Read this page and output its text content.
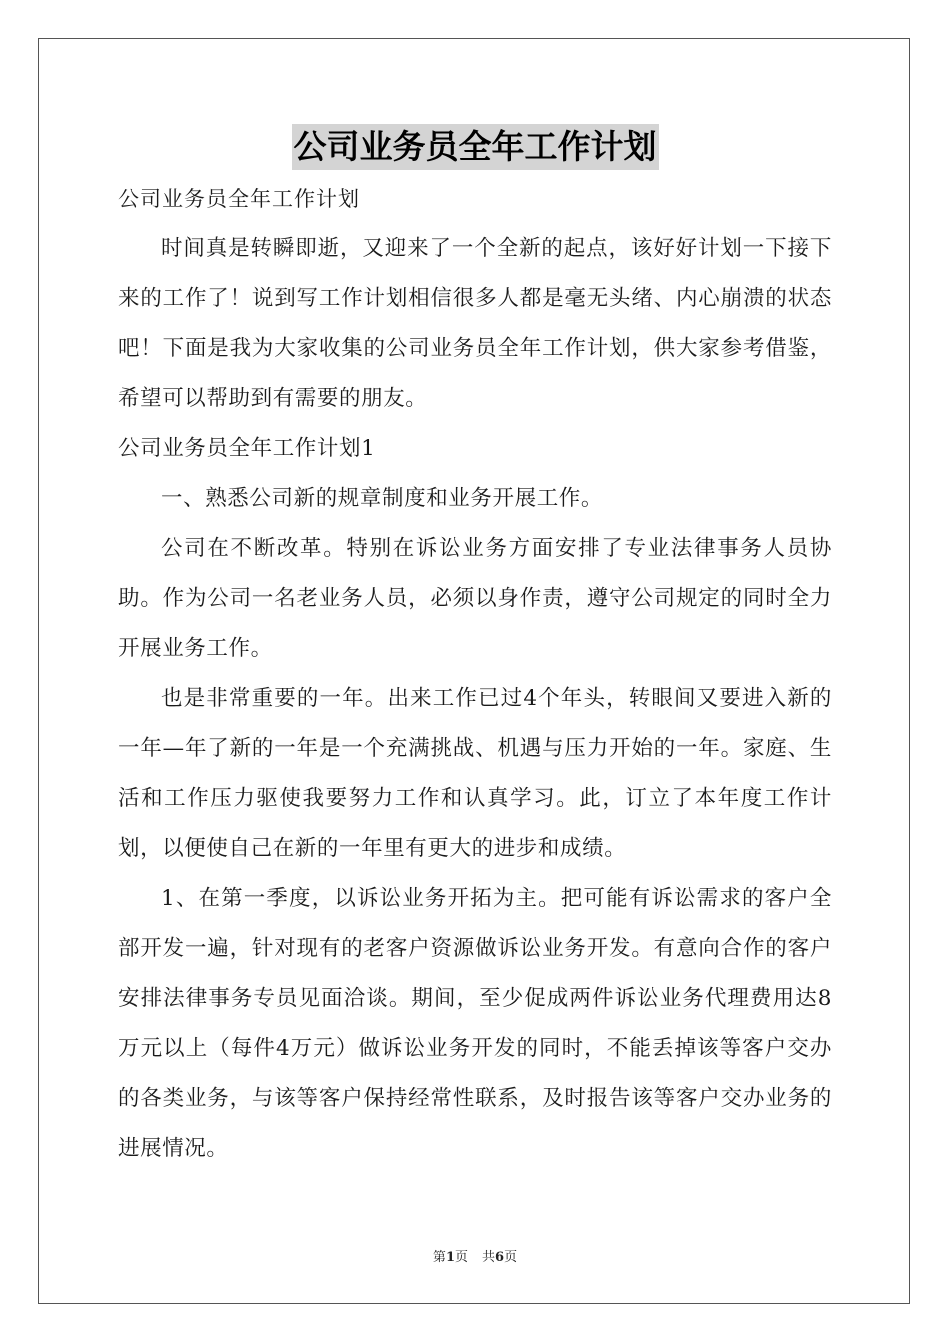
公司业务员全年工作计划
公司业务员全年工作计划

时间真是转瞬即逝，又迎来了一个全新的起点，该好好计划一下接下来的工作了！说到写工作计划相信很多人都是毫无头绪、内心崩溃的状态吧！下面是我为大家收集的公司业务员全年工作计划，供大家参考借鉴，希望可以帮助到有需要的朋友。

公司业务员全年工作计划1

一、熟悉公司新的规章制度和业务开展工作。

公司在不断改革。特别在诉讼业务方面安排了专业法律事务人员协助。作为公司一名老业务人员，必须以身作责，遵守公司规定的同时全力开展业务工作。

也是非常重要的一年。出来工作已过4个年头，转眼间又要进入新的一年—年了新的一年是一个充满挑战、机遇与压力开始的一年。家庭、生活和工作压力驱使我要努力工作和认真学习。此，订立了本年度工作计划，以便使自己在新的一年里有更大的进步和成绩。

1、在第一季度，以诉讼业务开拓为主。把可能有诉讼需求的客户全部开发一遍，针对现有的老客户资源做诉讼业务开发。有意向合作的客户安排法律事务专员见面洽谈。期间，至少促成两件诉讼业务代理费用达8万元以上（每件4万元）做诉讼业务开发的同时，不能丢掉该等客户交办的各类业务，与该等客户保持经常性联系，及时报告该等客户交办业务的进展情况。

第1页 共6页
